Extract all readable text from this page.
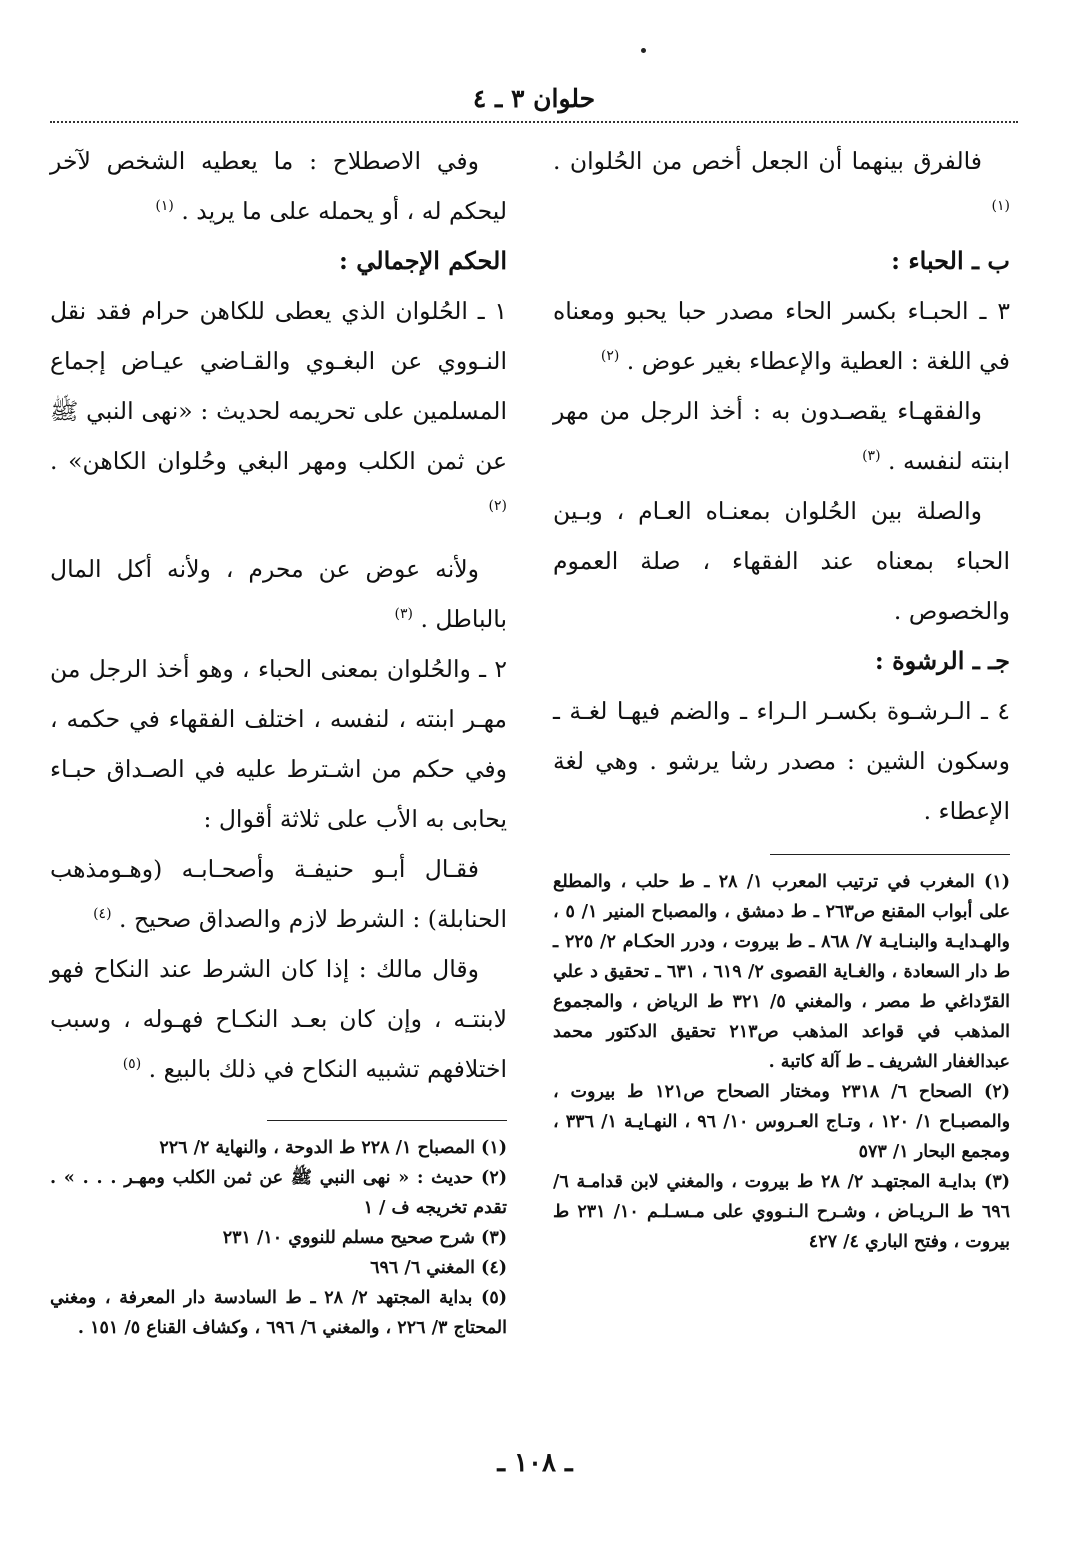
حلوان ٣ ـ ٤

فالفرق بينهما أن الجعل أخص من الحُلوان . $^{(١)}$

ب ـ الحباء :

٣ ـ الحبـاء بكسر الحاء مصدر حبا يحبو ومعناه في اللغة : العطية والإعطاء بغير عوض . $^{(٢)}$

والفقهـاء يقصـدون به : أخذ الرجل من مهر ابنته لنفسه . $^{(٣)}$

والصلة بين الحُلوان بمعنـاه العـام ، وبـين الحباء بمعناه عند الفقهاء ، صلة العموم والخصوص .

جـ ـ الرشوة :

٤ ـ الـرشـوة بكسـر الـراء ـ والضم فيهـا لغـة ـ وسكون الشين : مصدر رشا يرشو . وهي لغة الإعطاء .

(١) المغرب في ترتيب المعرب ١/ ٢٨ ـ ط حلب ، والمطلع على أبواب المقنع ص٢٦٣ ـ ط دمشق ، والمصباح المنير ١/ ٥ ، والهـدايـة والبنـايـة ٧/ ٨٦٨ ـ ط بيروت ، ودرر الحكـام ٢/ ٢٢٥ ـ ط دار السعادة ، والغـاية القصوى ٢/ ٦١٩ ، ٦٣١ ـ تحقيق د علي القرّداغي ط مصر ، والمغني ٥/ ٣٢١ ط الرياض ، والمجموع المذهب في قواعد المذهب ص٢١٣ تحقيق الدكتور محمد عبدالغفار الشريف ـ ط آلة كاتبة .

(٢) الصحاح ٦/ ٢٣١٨ ومختار الصحاح ص١٢١ ط بيروت ، والمصبـاح ١/ ١٢٠ ، وتـاج العـروس ١٠/ ٩٦ ، النهـايـة ١/ ٣٣٦ ، ومجمع البحار ١/ ٥٧٣

(٣) بدايـة المجتهـد ٢/ ٢٨ ط بيروت ، والمغني لابن قدامـة ٦/ ٦٩٦ ط الـريـاض ، وشـرح الـنـووي على مـسـلـم ١٠/ ٢٣١ ط بيروت ، وفتح الباري ٤/ ٤٢٧

وفي الاصطلاح : ما يعطيه الشخص لآخر ليحكم له ، أو يحمله على ما يريد . $^{(١)}$

الحكم الإجمالي :

١ ـ الحُلوان الذي يعطى للكاهن حرام فقد نقل النـووي عن البغـوي والقـاضي عيـاض إجماع المسلمين على تحريمه لحديث : «نهى النبي ﷺ عن ثمن الكلب ومهر البغي وحُلوان الكاهن» . $^{(٢)}$

ولأنه عوض عن محرم ، ولأنه أكل المال بالباطل . $^{(٣)}$

٢ ـ والحُلوان بمعنى الحباء ، وهو أخذ الرجل من مهـر ابنته ، لنفسه ، اختلف الفقهاء في حكمه ، وفي حكم من اشـترط عليه في الصـداق حبـاء يحابى به الأب على ثلاثة أقوال :

فقـال أبـو حنيفـة وأصحـابـه (وهـومذهب الحنابلة) : الشرط لازم والصداق صحيح . $^{(٤)}$

وقال مالك : إذا كان الشرط عند النكاح فهو لابنتـه ، وإن كان بعـد النكـاح فهـوله ، وسبب اختلافهم تشبيه النكاح في ذلك بالبيع . $^{(٥)}$

(١) المصباح ١/ ٢٢٨ ط الدوحة ، والنهاية ٢/ ٢٢٦

(٢) حديث : « نهى النبي ﷺ عن ثمن الكلب ومهـر . . . » . تقدم تخريجه ف / ١

(٣) شرح صحيح مسلم للنووي ١٠/ ٢٣١

(٤) المغني ٦/ ٦٩٦

(٥) بداية المجتهد ٢/ ٢٨ ـ ط السادسة دار المعرفة ، ومغني المحتاج ٣/ ٢٢٦ ، والمغني ٦/ ٦٩٦ ، وكشاف القناع ٥/ ١٥١ .

ـ ١٠٨ ـ
